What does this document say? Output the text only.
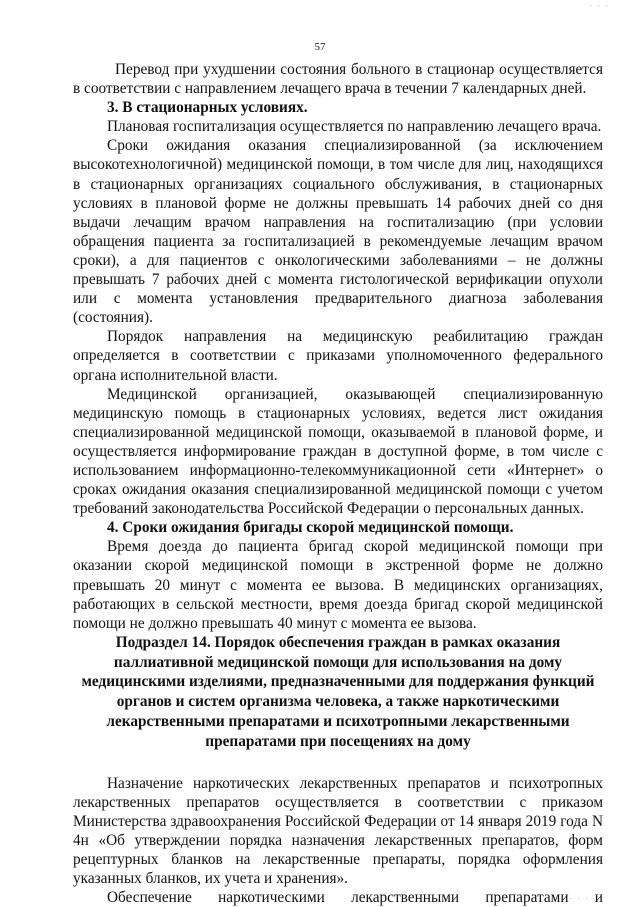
57

Перевод при ухудшении состояния больного в стационар осуществляется в соответствии с направлением лечащего врача в течении 7 календарных дней.

3. В стационарных условиях.

Плановая госпитализация осуществляется по направлению лечащего врача.

Сроки ожидания оказания специализированной (за исключением высокотехнологичной) медицинской помощи, в том числе для лиц, находящихся в стационарных организациях социального обслуживания, в стационарных условиях в плановой форме не должны превышать 14 рабочих дней со дня выдачи лечащим врачом направления на госпитализацию (при условии обращения пациента за госпитализацией в рекомендуемые лечащим врачом сроки), а для пациентов с онкологическими заболеваниями – не должны превышать 7 рабочих дней с момента гистологической верификации опухоли или с момента установления предварительного диагноза заболевания (состояния).

Порядок направления на медицинскую реабилитацию граждан определяется в соответствии с приказами уполномоченного федерального органа исполнительной власти.

Медицинской организацией, оказывающей специализированную медицинскую помощь в стационарных условиях, ведется лист ожидания специализированной медицинской помощи, оказываемой в плановой форме, и осуществляется информирование граждан в доступной форме, в том числе с использованием информационно-телекоммуникационной сети «Интернет» о сроках ожидания оказания специализированной медицинской помощи с учетом требований законодательства Российской Федерации о персональных данных.

4. Сроки ожидания бригады скорой медицинской помощи.

Время доезда до пациента бригад скорой медицинской помощи при оказании скорой медицинской помощи в экстренной форме не должно превышать 20 минут с момента ее вызова. В медицинских организациях, работающих в сельской местности, время доезда бригад скорой медицинской помощи не должно превышать 40 минут с момента ее вызова.

Подраздел 14. Порядок обеспечения граждан в рамках оказания паллиативной медицинской помощи для использования на дому медицинскими изделиями, предназначенными для поддержания функций органов и систем организма человека, а также наркотическими лекарственными препаратами и психотропными лекарственными препаратами при посещениях на дому

Назначение наркотических лекарственных препаратов и психотропных лекарственных препаратов осуществляется в соответствии с приказом Министерства здравоохранения Российской Федерации от 14 января 2019 года N 4н «Об утверждении порядка назначения лекарственных препаратов, форм рецептурных бланков на лекарственные препараты, порядка оформления указанных бланков, их учета и хранения».

Обеспечение наркотическими лекарственными препаратами и
· · ·
· · ·
